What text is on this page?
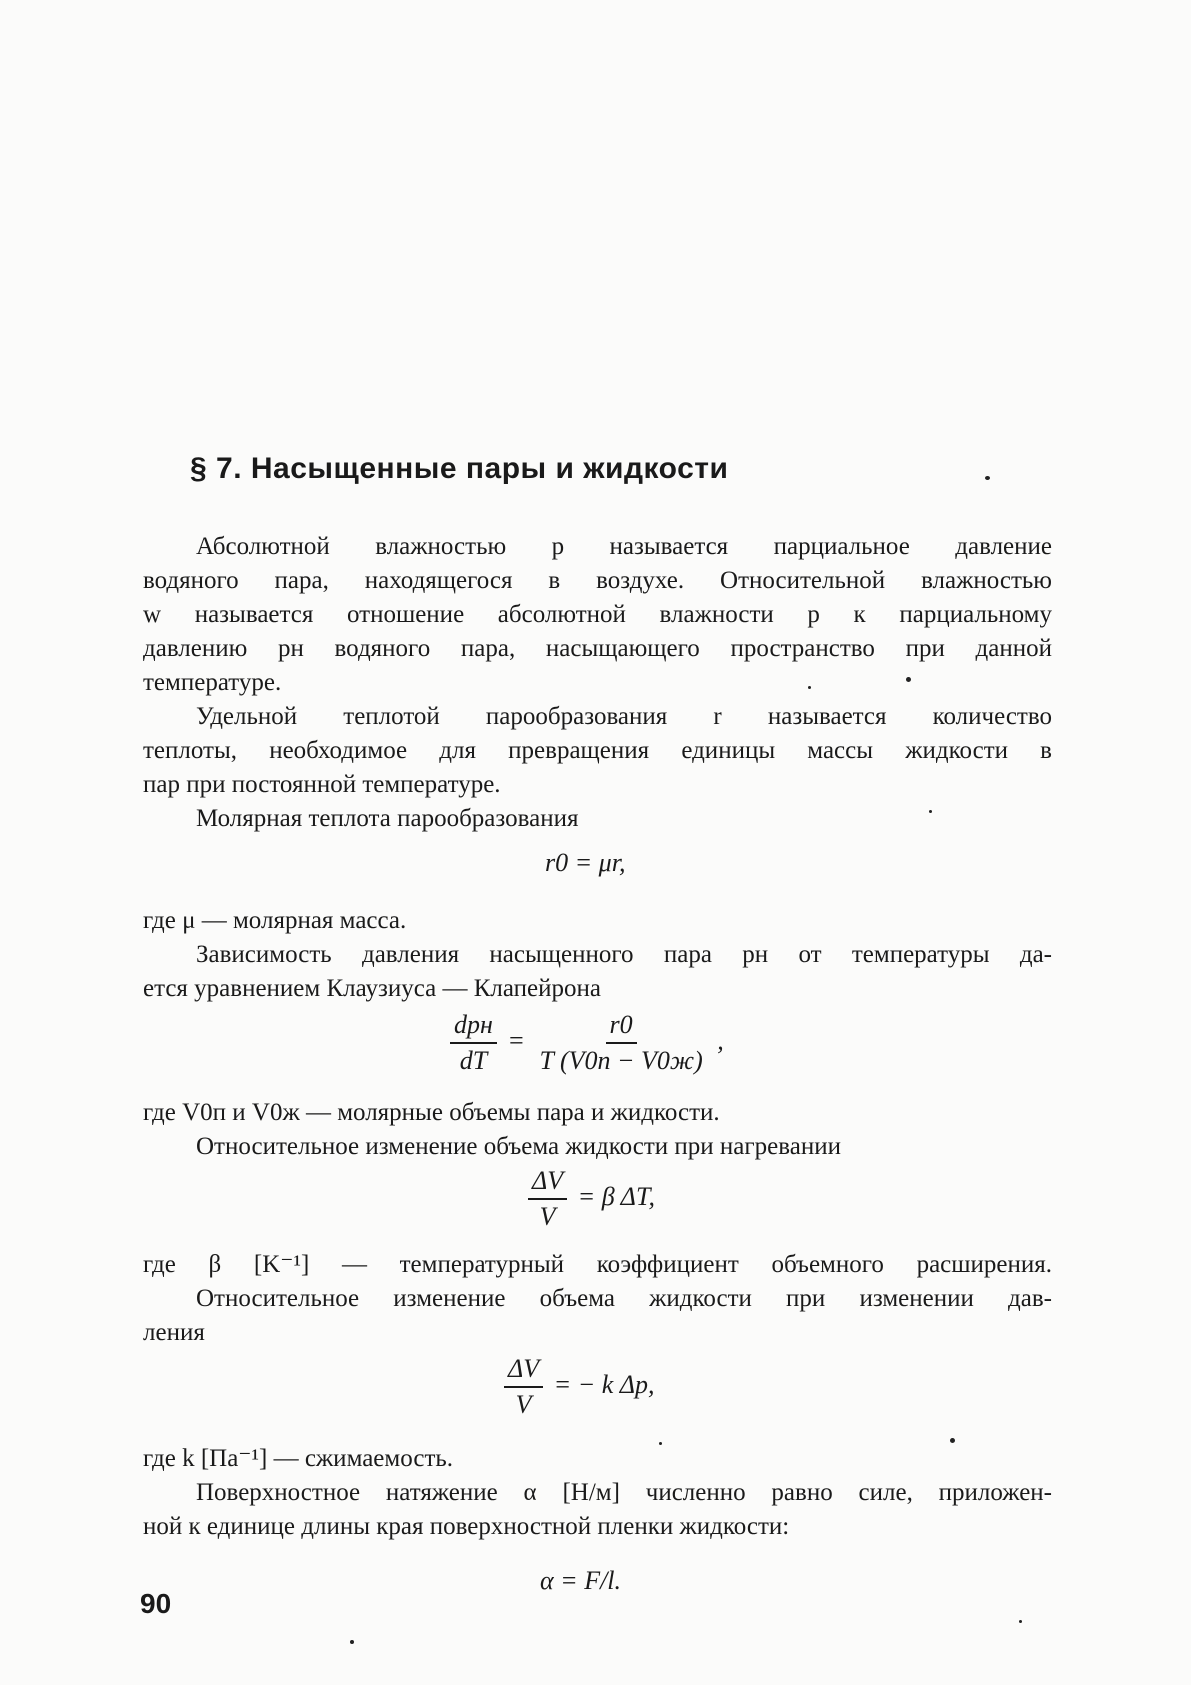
§ 7. Насыщенные пары и жидкости
Абсолютной влажностью p называется парциальное давление
водяного пара, находящегося в воздухе. Относительной влажностью
w называется отношение абсолютной влажности p к парциальному
давлению pн водяного пара, насыщающего пространство при данной
температуре.
Удельной теплотой парообразования r называется количество
теплоты, необходимое для превращения единицы массы жидкости в
пар при постоянной температуре.
Молярная теплота парообразования
r0 = μr,
где μ — молярная масса.
Зависимость давления насыщенного пара pн от температуры да-
ется уравнением Клаузиуса — Клапейрона
$\frac{\text{dpн}}{dT} = \frac{r0}{T (V0п - V0ж)}$ ,
где V0п и V0ж — молярные объемы пара и жидкости.
Относительное изменение объема жидкости при нагревании
$\frac{\Delta V}{V} = \beta$ ΔT,
где β [K⁻¹] — температурный коэффициент объемного расширения.
Относительное изменение объема жидкости при изменении дав-
ления
$\frac{\Delta V}{V}$ = − k Δp,
где k [Па⁻¹] — сжимаемость.
Поверхностное натяжение α [Н/м] численно равно силе, приложен-
ной к единице длины края поверхностной пленки жидкости:
α = F/l.
90
